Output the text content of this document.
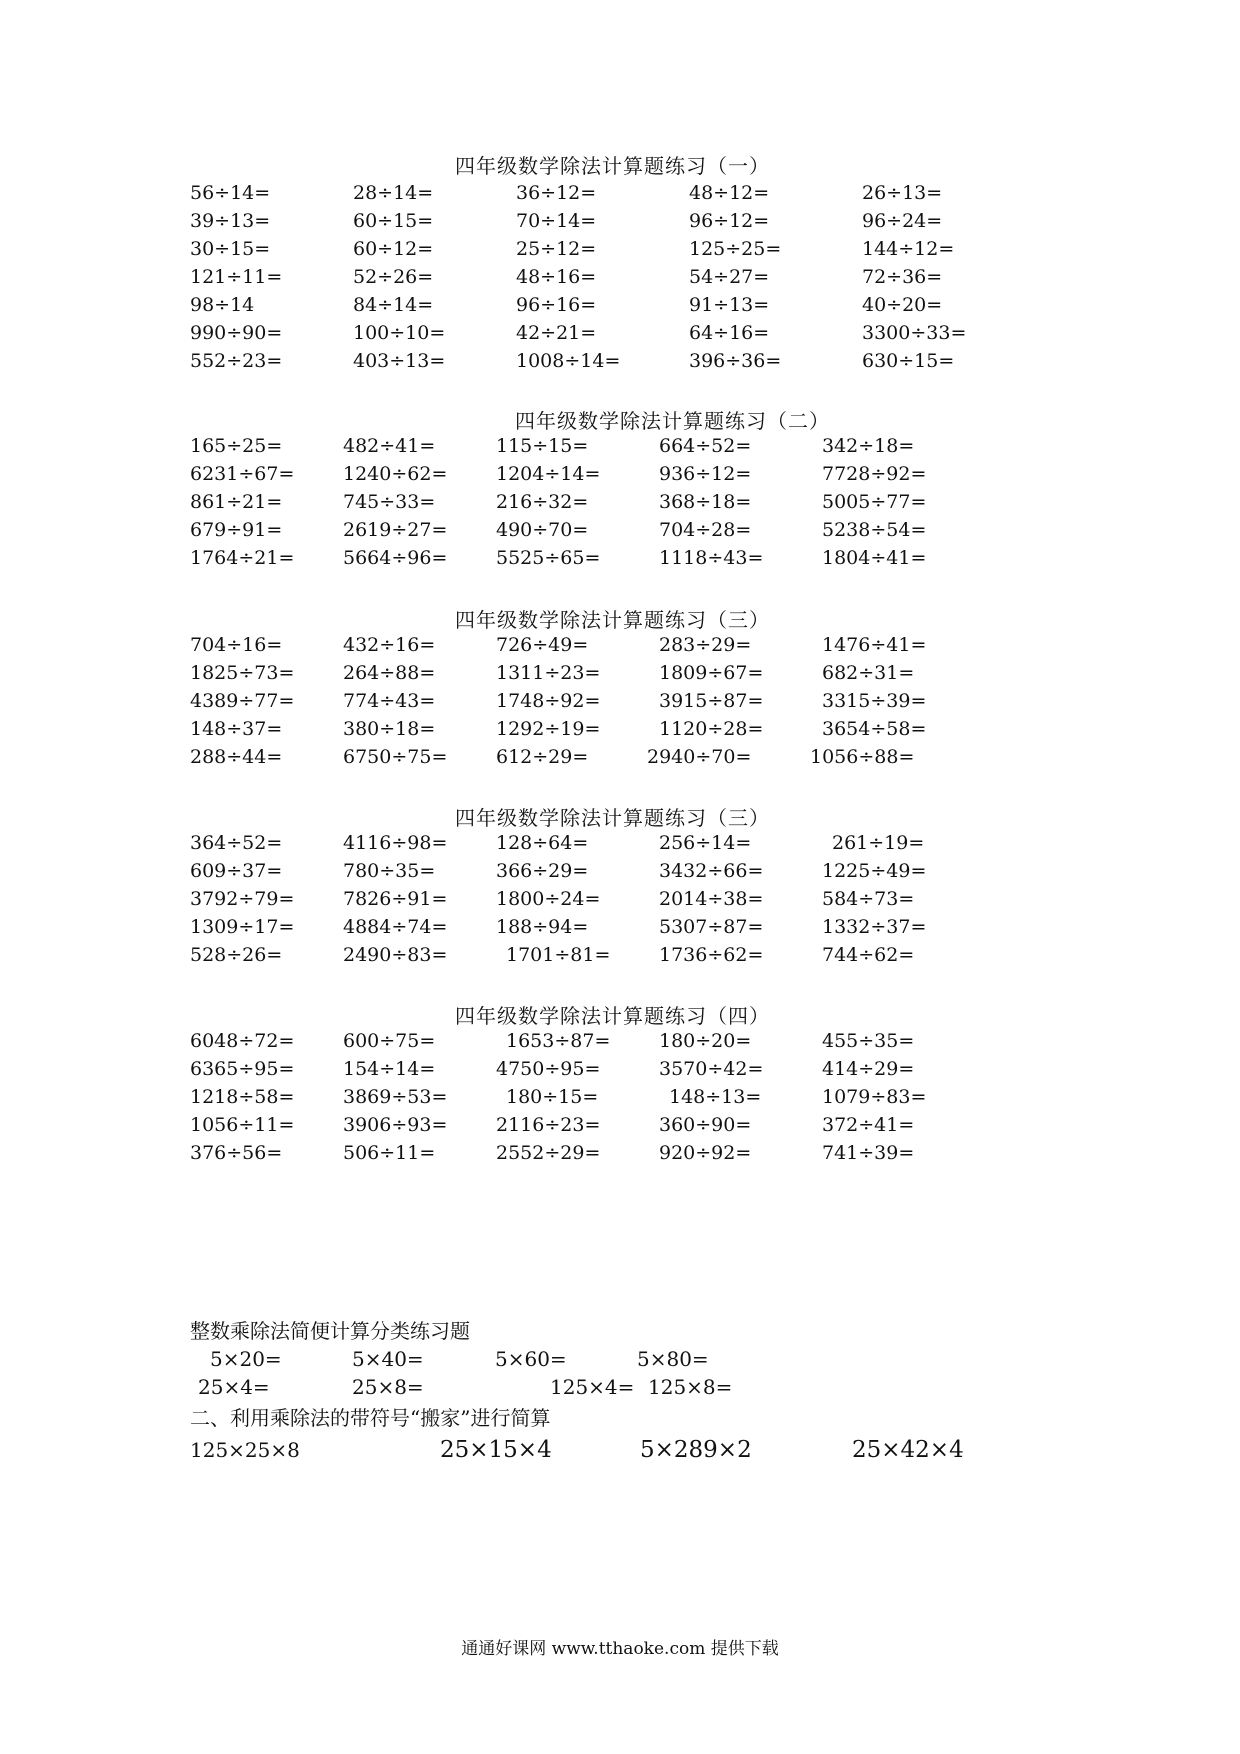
四年级数学除法计算题练习（一）
56÷14=	28÷14=	36÷12=	48÷12=	26÷13=
39÷13=	60÷15=	70÷14=	96÷12=	96÷24=
30÷15=	60÷12=	25÷12=	125÷25=	144÷12=
121÷11=	52÷26=	48÷16=	54÷27=	72÷36=
98÷14	84÷14=	96÷16=	91÷13=	40÷20=
990÷90=	100÷10=	42÷21=	64÷16=	3300÷33=
552÷23=	403÷13=	1008÷14=	396÷36=	630÷15=
四年级数学除法计算题练习（二）
165÷25=	482÷41=	115÷15=	664÷52=	342÷18=
6231÷67=	1240÷62=	1204÷14=	936÷12=	7728÷92=
861÷21=	745÷33=	216÷32=	368÷18=	5005÷77=
679÷91=	2619÷27=	490÷70=	704÷28=	5238÷54=
1764÷21=	5664÷96=	5525÷65=	1118÷43=	1804÷41=
四年级数学除法计算题练习（三）
704÷16=	432÷16=	726÷49=	283÷29=	1476÷41=
1825÷73=	264÷88=	1311÷23=	1809÷67=	682÷31=
4389÷77=	774÷43=	1748÷92=	3915÷87=	3315÷39=
148÷37=	380÷18=	1292÷19=	1120÷28=	3654÷58=
288÷44=	6750÷75=	612÷29=	2940÷70=	1056÷88=
四年级数学除法计算题练习（三）
364÷52=	4116÷98=	128÷64=	256÷14=	261÷19=
609÷37=	780÷35=	366÷29=	3432÷66=	1225÷49=
3792÷79=	7826÷91=	1800÷24=	2014÷38=	584÷73=
1309÷17=	4884÷74=	188÷94=	5307÷87=	1332÷37=
528÷26=	2490÷83=	1701÷81=	1736÷62=	744÷62=
四年级数学除法计算题练习（四）
6048÷72=	600÷75=	1653÷87=	180÷20=	455÷35=
6365÷95=	154÷14=	4750÷95=	3570÷42=	414÷29=
1218÷58=	3869÷53=	180÷15=	148÷13=	1079÷83=
1056÷11=	3906÷93=	2116÷23=	360÷90=	372÷41=
376÷56=	506÷11=	2552÷29=	920÷92=	741÷39=
整数乘除法简便计算分类练习题
5×20=	5×40=	5×60=	5×80=
25×4=	25×8=	125×4= 125×8=
二、利用乘除法的带符号“搬家”进行简算
125×25×8	25×15×4	5×289×2	25×42×4
通通好课网 www.tthaoke.com 提供下载
